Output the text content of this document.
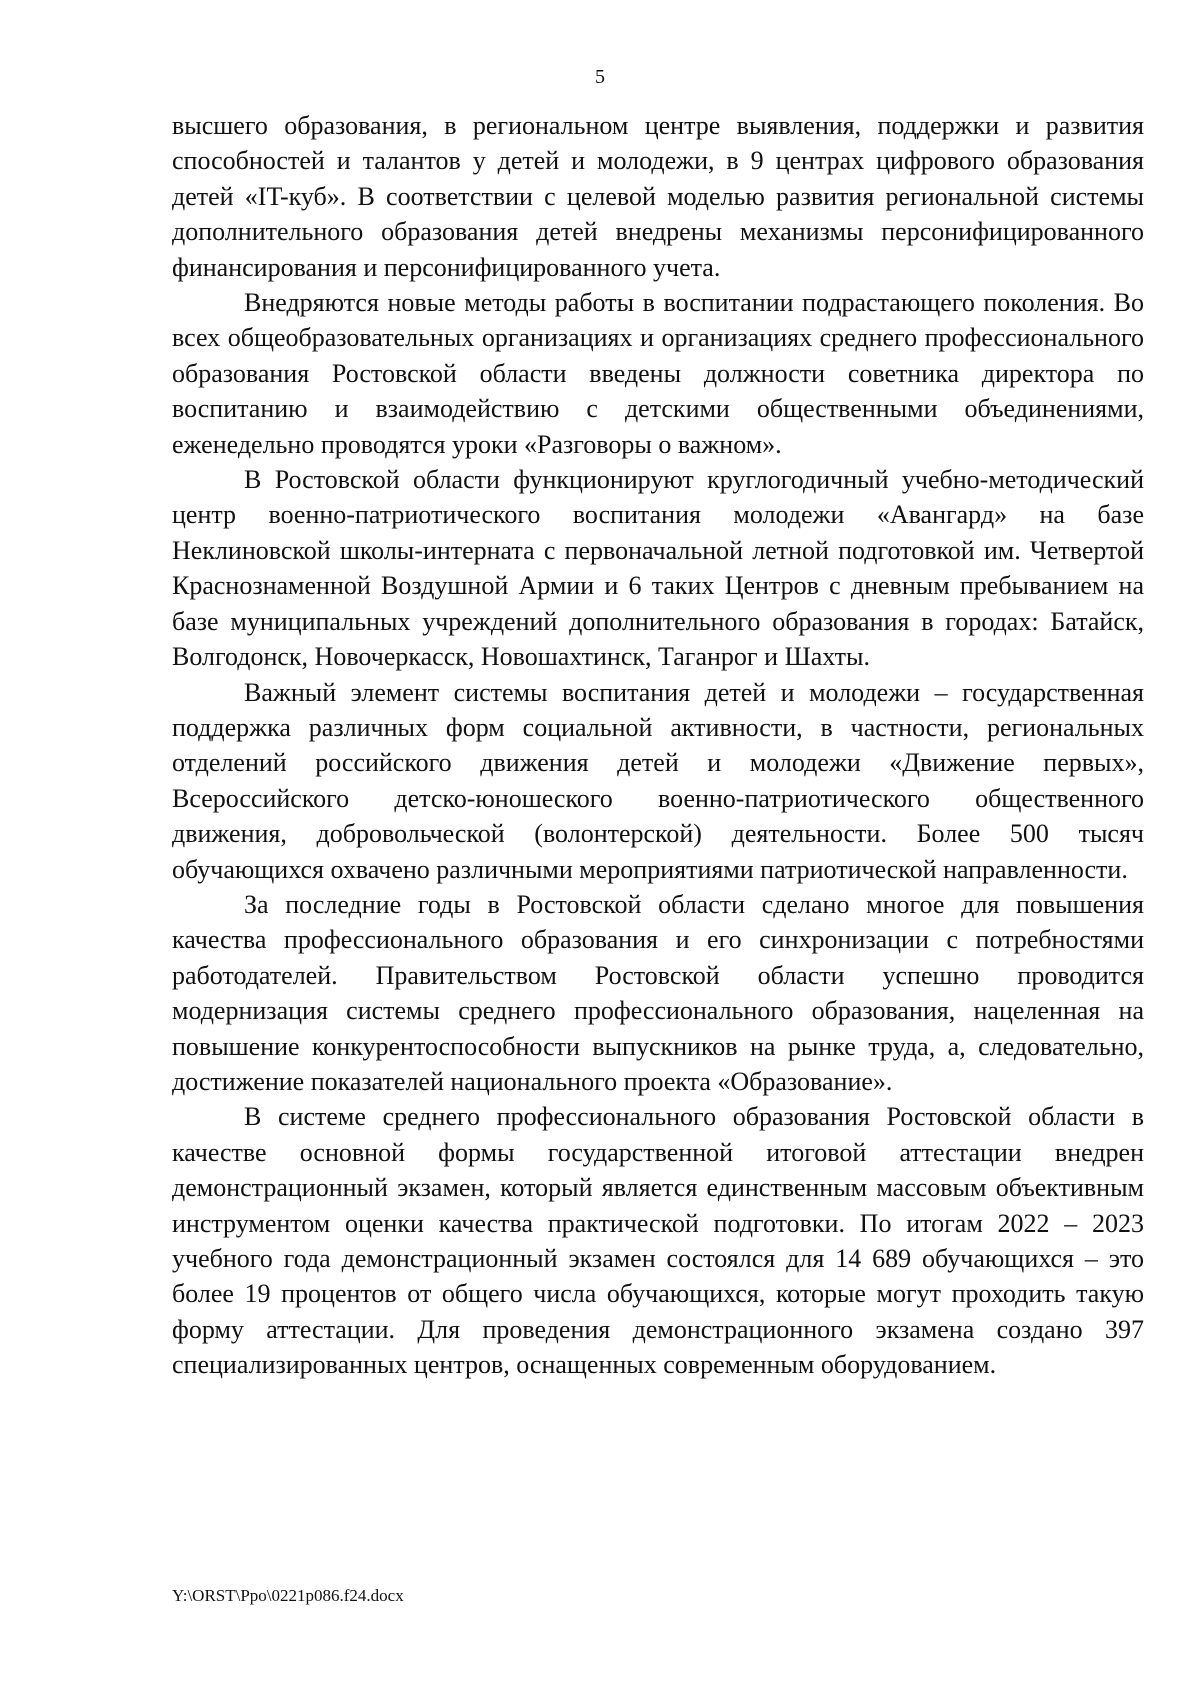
5

высшего образования, в региональном центре выявления, поддержки и развития способностей и талантов у детей и молодежи, в 9 центрах цифрового образования детей «IT-куб». В соответствии с целевой моделью развития региональной системы дополнительного образования детей внедрены механизмы персонифицированного финансирования и персонифицированного учета.

Внедряются новые методы работы в воспитании подрастающего поколения. Во всех общеобразовательных организациях и организациях среднего профессионального образования Ростовской области введены должности советника директора по воспитанию и взаимодействию с детскими общественными объединениями, еженедельно проводятся уроки «Разговоры о важном».

В Ростовской области функционируют круглогодичный учебно-методический центр военно-патриотического воспитания молодежи «Авангард» на базе Неклиновской школы-интерната с первоначальной летной подготовкой им. Четвертой Краснознаменной Воздушной Армии и 6 таких Центров с дневным пребыванием на базе муниципальных учреждений дополнительного образования в городах: Батайск, Волгодонск, Новочеркасск, Новошахтинск, Таганрог и Шахты.

Важный элемент системы воспитания детей и молодежи – государственная поддержка различных форм социальной активности, в частности, региональных отделений российского движения детей и молодежи «Движение первых», Всероссийского детско-юношеского военно-патриотического общественного движения, добровольческой (волонтерской) деятельности. Более 500 тысяч обучающихся охвачено различными мероприятиями патриотической направленности.

За последние годы в Ростовской области сделано многое для повышения качества профессионального образования и его синхронизации с потребностями работодателей. Правительством Ростовской области успешно проводится модернизация системы среднего профессионального образования, нацеленная на повышение конкурентоспособности выпускников на рынке труда, а, следовательно, достижение показателей национального проекта «Образование».

В системе среднего профессионального образования Ростовской области в качестве основной формы государственной итоговой аттестации внедрен демонстрационный экзамен, который является единственным массовым объективным инструментом оценки качества практической подготовки. По итогам 2022 – 2023 учебного года демонстрационный экзамен состоялся для 14 689 обучающихся – это более 19 процентов от общего числа обучающихся, которые могут проходить такую форму аттестации. Для проведения демонстрационного экзамена создано 397 специализированных центров, оснащенных современным оборудованием.

Y:\ORST\Ppo\0221p086.f24.docx
